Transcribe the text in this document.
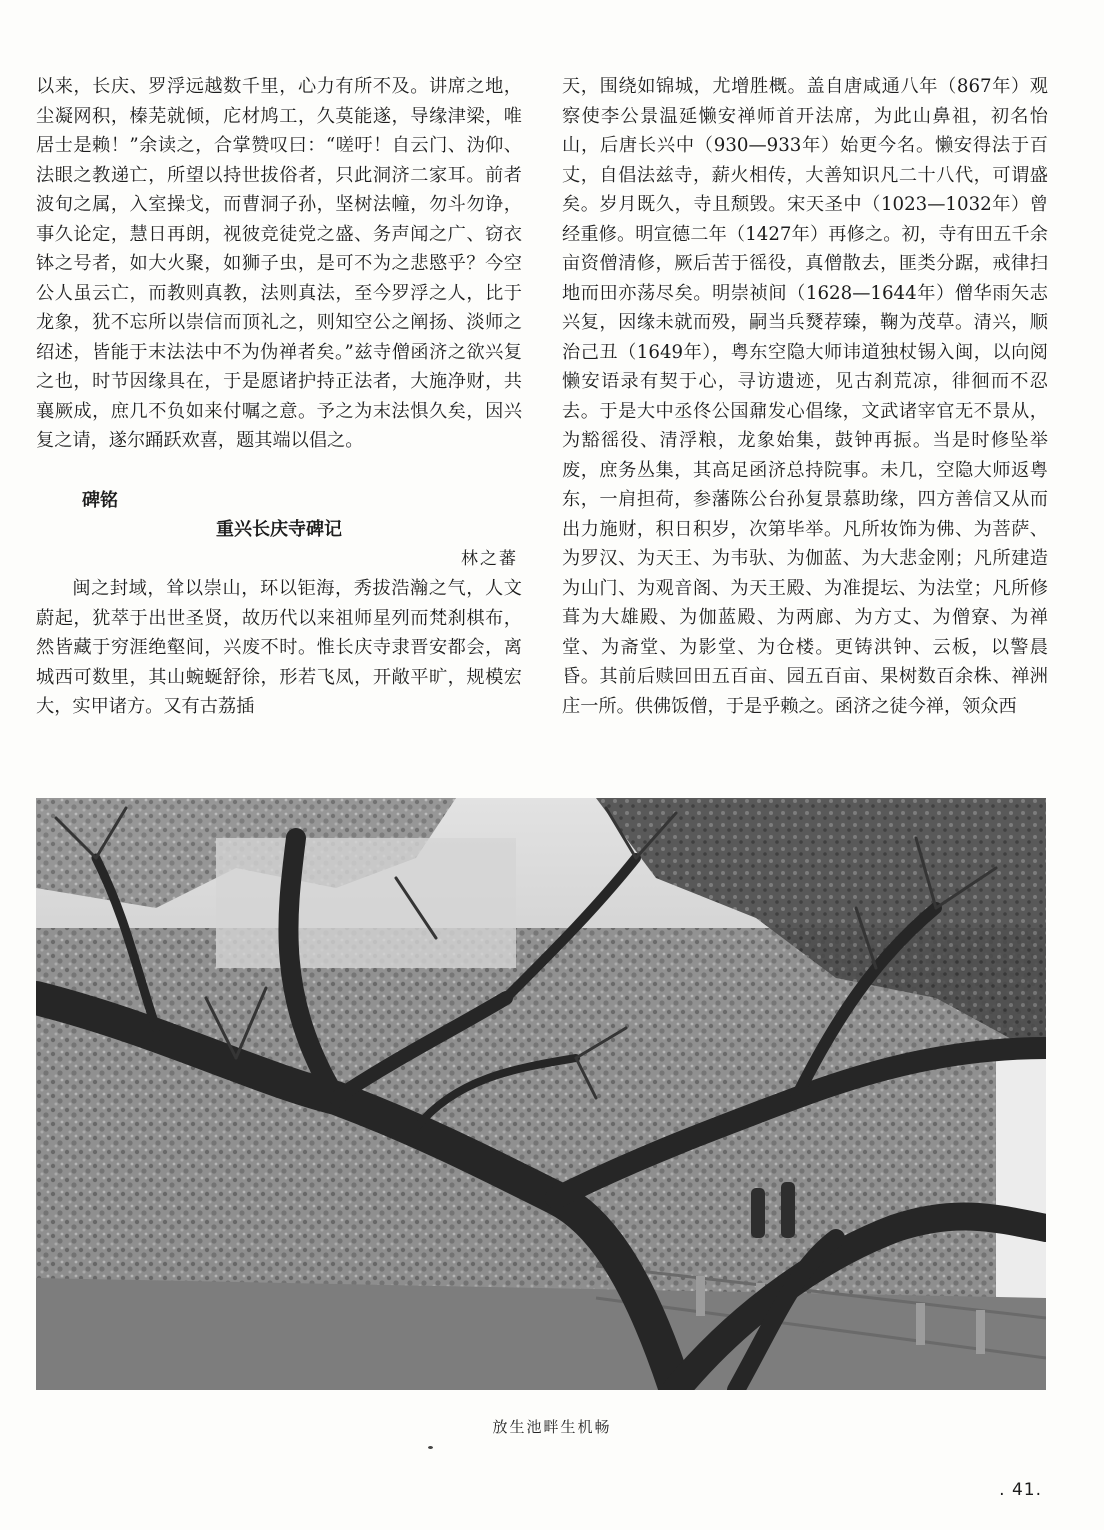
以来，长庆、罗浮远越数千里，心力有所不及。讲席之地，尘凝网积，榛芜就倾，庀材鸠工，久莫能遂，导缘津梁，唯居士是赖！”余读之，合掌赞叹曰：“嗟吁！自云门、沩仰、法眼之教递亡，所望以持世拔俗者，只此洞济二家耳。前者波旬之属，入室操戈，而曹洞子孙，坚树法幢，勿斗勿诤，事久论定，慧日再朗，视彼竞徒党之盛、务声闻之广、窃衣钵之号者，如大火聚，如狮子虫，是可不为之悲愍乎？今空公人虽云亡，而教则真教，法则真法，至今罗浮之人，比于龙象，犹不忘所以崇信而顶礼之，则知空公之阐扬、淡师之绍述，皆能于末法法中不为伪禅者矣。”兹寺僧函济之欲兴复之也，时节因缘具在，于是愿诸护持正法者，大施净财，共襄厥成，庶几不负如来付嘱之意。予之为末法惧久矣，因兴复之请，遂尔踊跃欢喜，题其端以倡之。

碑铭

重兴长庆寺碑记

林之蕃

闽之封域，耸以崇山，环以钜海，秀拔浩瀚之气，人文蔚起，犹萃于出世圣贤，故历代以来祖师星列而梵刹棋布，然皆藏于穷涯绝壑间，兴废不时。惟长庆寺隶晋安都会，离城西可数里，其山蜿蜒舒徐，形若飞凤，开敞平旷，规模宏大，实甲诸方。又有古荔插

天，围绕如锦城，尤增胜概。盖自唐咸通八年（867年）观察使李公景温延懒安禅师首开法席，为此山鼻祖，初名怡山，后唐长兴中（930—933年）始更今名。懒安得法于百丈，自倡法兹寺，薪火相传，大善知识凡二十八代，可谓盛矣。岁月既久，寺且颓毁。宋天圣中（1023—1032年）曾经重修。明宣德二年（1427年）再修之。初，寺有田五千余亩资僧清修，厥后苦于徭役，真僧散去，匪类分踞，戒律扫地而田亦荡尽矣。明崇祯间（1628—1644年）僧华雨矢志兴复，因缘未就而殁，嗣当兵燹荐臻，鞠为茂草。清兴，顺治己丑（1649年），粤东空隐大师讳道独杖锡入闽，以向阅懒安语录有契于心，寻访遗迹，见古刹荒凉，徘徊而不忍去。于是大中丞佟公国鼐发心倡缘，文武诸宰官无不景从，为豁徭役、清浮粮，龙象始集，鼓钟再振。当是时修坠举废，庶务丛集，其高足函济总持院事。未几，空隐大师返粤东，一肩担荷，参藩陈公台孙复景慕助缘，四方善信又从而出力施财，积日积岁，次第毕举。凡所妆饰为佛、为菩萨、为罗汉、为天王、为韦驮、为伽蓝、为大悲金刚；凡所建造为山门、为观音阁、为天王殿、为准提坛、为法堂；凡所修葺为大雄殿、为伽蓝殿、为两廊、为方丈、为僧寮、为禅堂、为斋堂、为影堂、为仓楼。更铸洪钟、云板，以警晨昏。其前后赎回田五百亩、园五百亩、果树数百余株、禅洲庄一所。供佛饭僧，于是乎赖之。函济之徒今禅，领众西

放生池畔生机畅
. 41.
